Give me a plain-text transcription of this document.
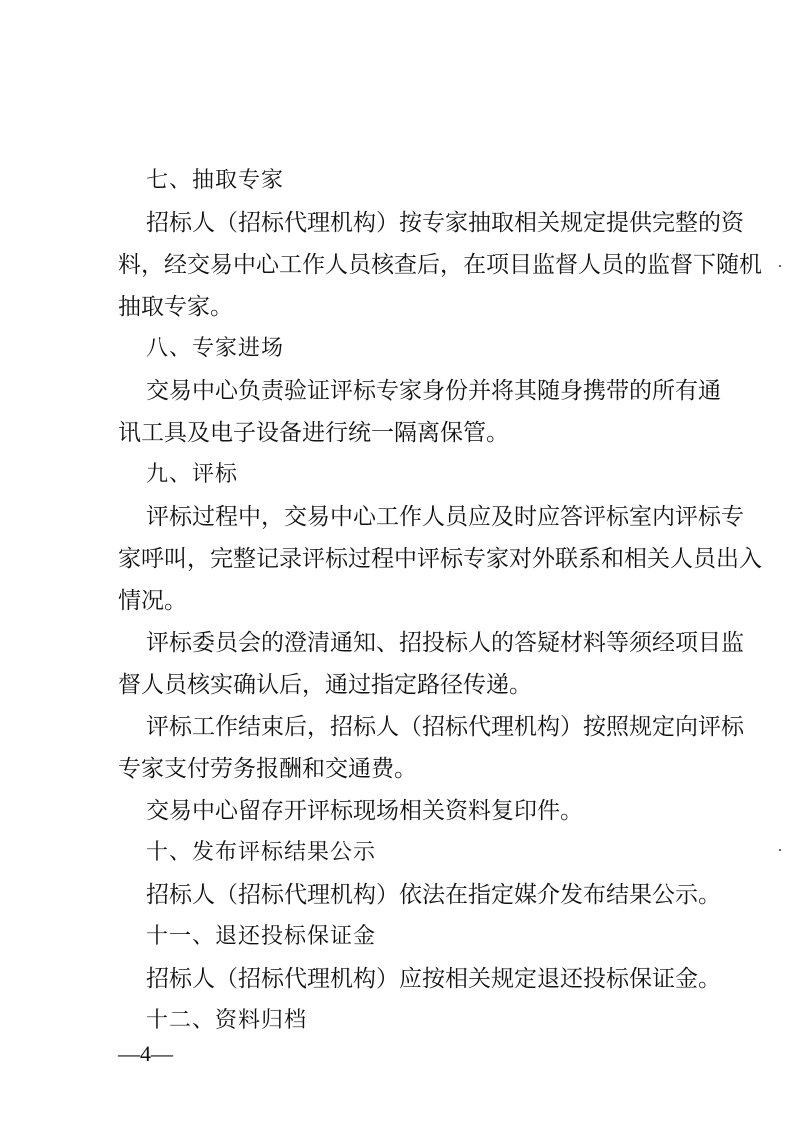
七、抽取专家
招标人（招标代理机构）按专家抽取相关规定提供完整的资
料，经交易中心工作人员核查后，在项目监督人员的监督下随机
抽取专家。
八、专家进场
交易中心负责验证评标专家身份并将其随身携带的所有通
讯工具及电子设备进行统一隔离保管。
九、评标
评标过程中，交易中心工作人员应及时应答评标室内评标专
家呼叫，完整记录评标过程中评标专家对外联系和相关人员出入
情况。
评标委员会的澄清通知、招投标人的答疑材料等须经项目监
督人员核实确认后，通过指定路径传递。
评标工作结束后，招标人（招标代理机构）按照规定向评标
专家支付劳务报酬和交通费。
交易中心留存开评标现场相关资料复印件。
十、发布评标结果公示
招标人（招标代理机构）依法在指定媒介发布结果公示。
十一、退还投标保证金
招标人（招标代理机构）应按相关规定退还投标保证金。
十二、资料归档
—4—
